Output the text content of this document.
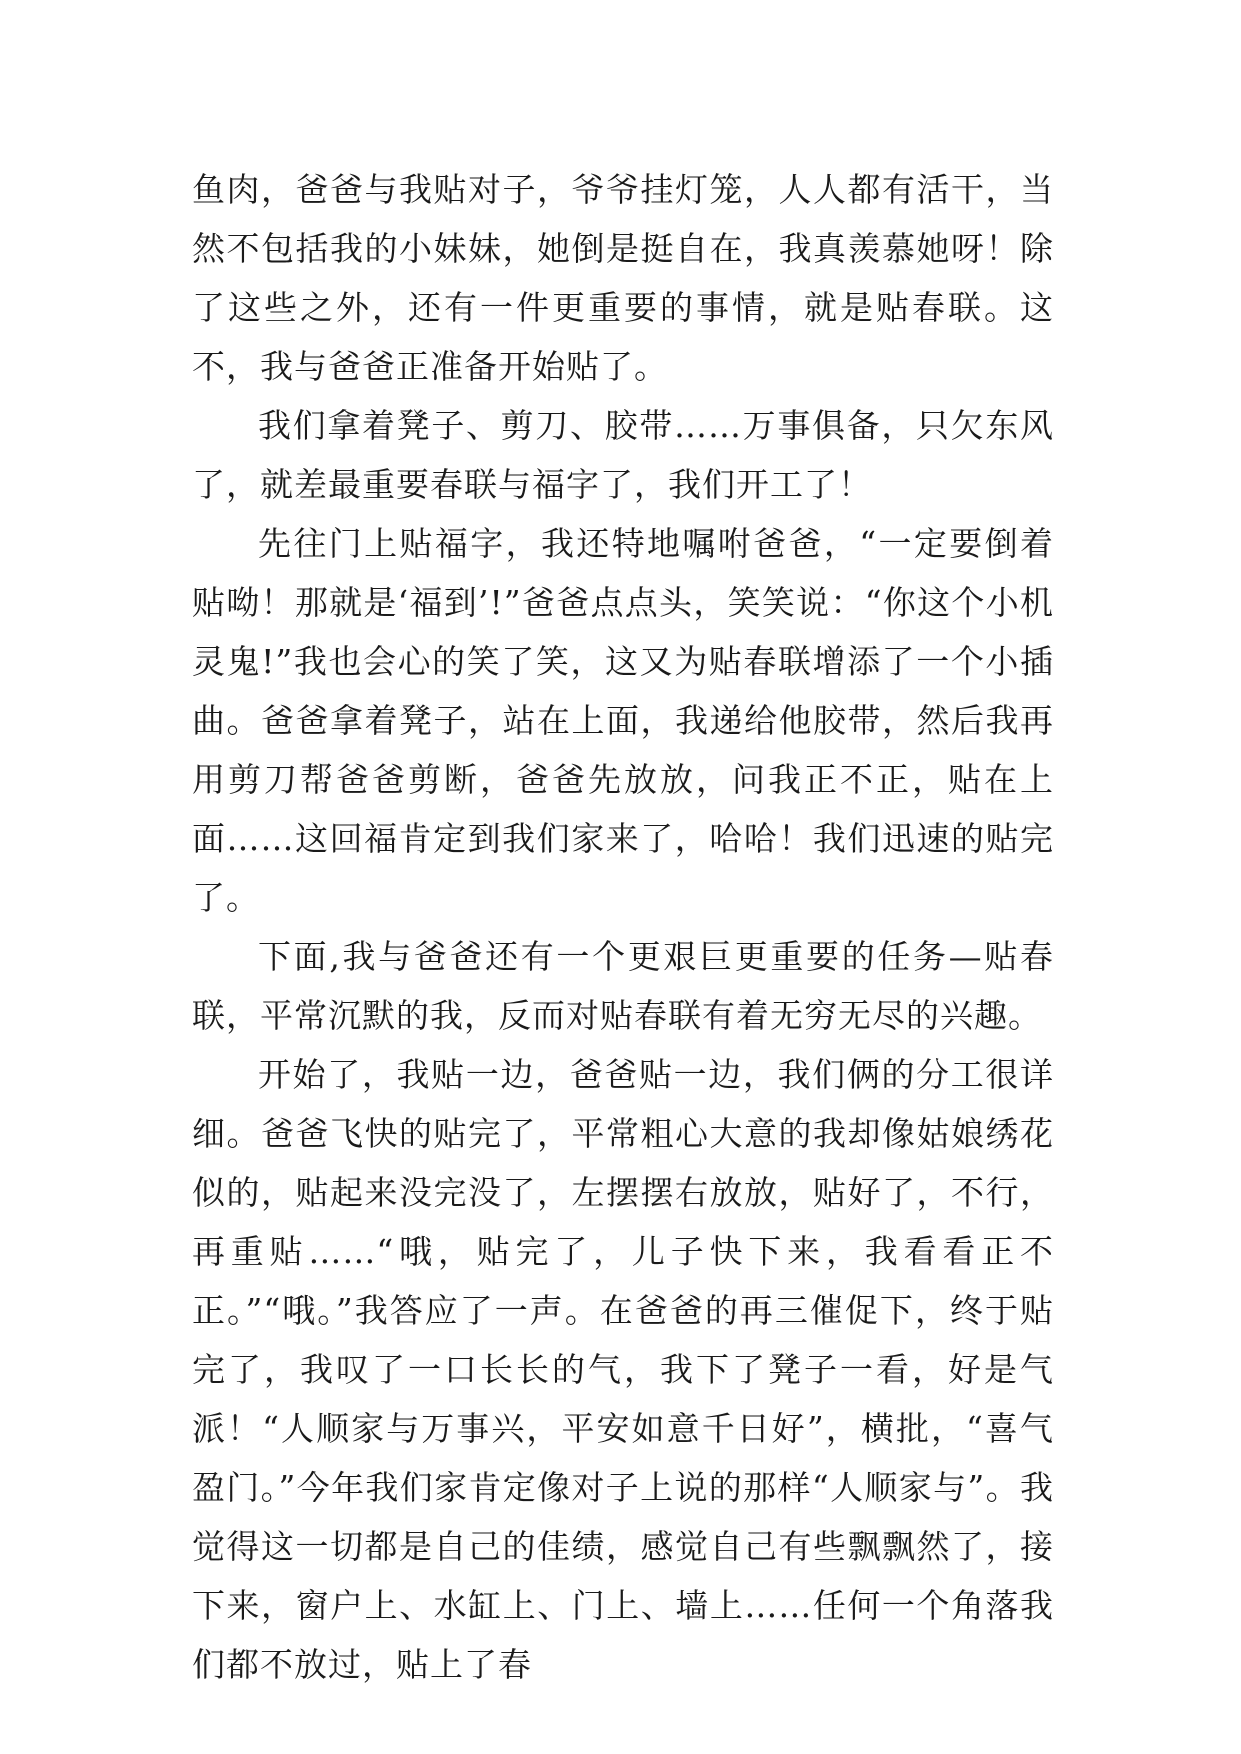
鱼肉，爸爸与我贴对子，爷爷挂灯笼，人人都有活干，当然不包括我的小妹妹，她倒是挺自在，我真羡慕她呀！除了这些之外，还有一件更重要的事情，就是贴春联。这不，我与爸爸正准备开始贴了。

我们拿着凳子、剪刀、胶带……万事俱备，只欠东风了，就差最重要春联与福字了，我们开工了！

先往门上贴福字，我还特地嘱咐爸爸，“一定要倒着贴呦！那就是‘福到’!”爸爸点点头，笑笑说：“你这个小机灵鬼!”我也会心的笑了笑，这又为贴春联增添了一个小插曲。爸爸拿着凳子，站在上面，我递给他胶带，然后我再用剪刀帮爸爸剪断，爸爸先放放，问我正不正，贴在上面……这回福肯定到我们家来了，哈哈！我们迅速的贴完了。

下面,我与爸爸还有一个更艰巨更重要的任务—贴春联，平常沉默的我，反而对贴春联有着无穷无尽的兴趣。

开始了，我贴一边，爸爸贴一边，我们俩的分工很详细。爸爸飞快的贴完了，平常粗心大意的我却像姑娘绣花似的，贴起来没完没了，左摆摆右放放，贴好了，不行，再重贴……“哦，贴完了，儿子快下来，我看看正不正。”“哦。”我答应了一声。在爸爸的再三催促下，终于贴完了，我叹了一口长长的气，我下了凳子一看，好是气派！“人顺家与万事兴，平安如意千日好”，横批，“喜气盈门。”今年我们家肯定像对子上说的那样“人顺家与”。我觉得这一切都是自己的佳绩，感觉自己有些飘飘然了，接下来，窗户上、水缸上、门上、墙上……任何一个角落我们都不放过，贴上了春
